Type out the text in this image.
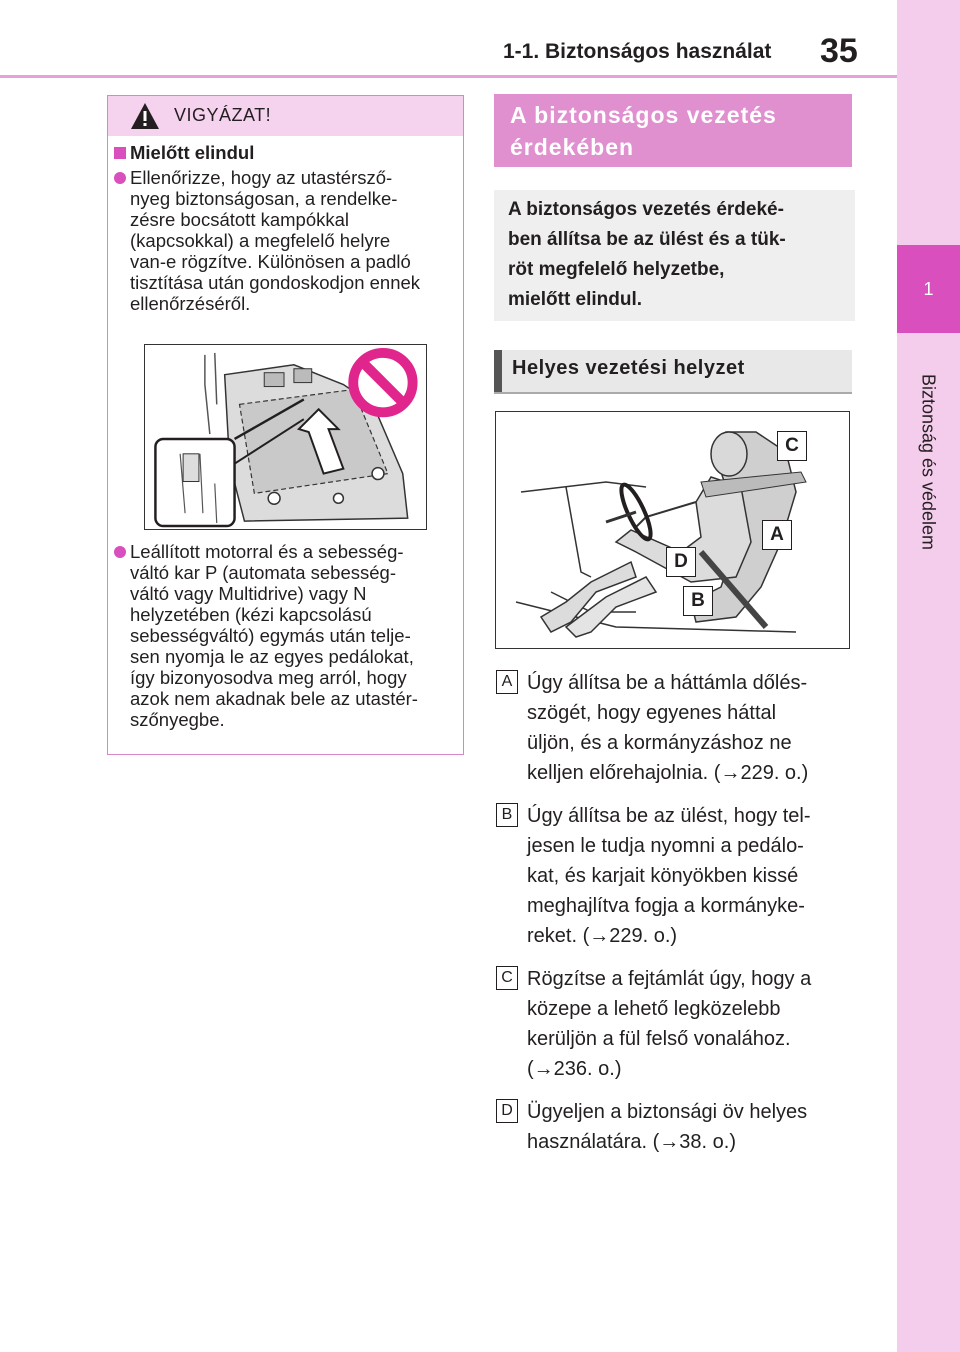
1-1. Biztonságos használat 35
1
Biztonság és védelem
VIGYÁZAT!
Mielőtt elindul
Ellenőrizze, hogy az utastérsző-
nyeg biztonságosan, a rendelke-
zésre bocsátott kampókkal
(kapcsokkal) a megfelelő helyre
van-e rögzítve. Különösen a padló
tisztítása után gondoskodjon ennek
ellenőrzéséről.
Leállított motorral és a sebesség-
váltó kar P (automata sebesség-
váltó vagy Multidrive) vagy N
helyzetében (kézi kapcsolású
sebességváltó) egymás után telje-
sen nyomja le az egyes pedálokat,
így bizonyosodva meg arról, hogy
azok nem akadnak bele az utastér-
szőnyegbe.
A biztonságos vezetés
érdekében
A biztonságos vezetés érdeké-
ben állítsa be az ülést és a tük-
röt megfelelő helyzetbe,
mielőtt elindul.
Helyes vezetési helyzet
C
A
D
B
A Úgy állítsa be a háttámla dőlés-
szögét, hogy egyenes háttal
üljön, és a kormányzáshoz ne
kelljen előrehajolnia. (→229. o.)
B Úgy állítsa be az ülést, hogy tel-
jesen le tudja nyomni a pedálo-
kat, és karjait könyökben kissé
meghajlítva fogja a kormányke-
reket. (→229. o.)
C Rögzítse a fejtámlát úgy, hogy a
közepe a lehető legközelebb
kerüljön a fül felső vonalához.
(→236. o.)
D Ügyeljen a biztonsági öv helyes
használatára. (→38. o.)
